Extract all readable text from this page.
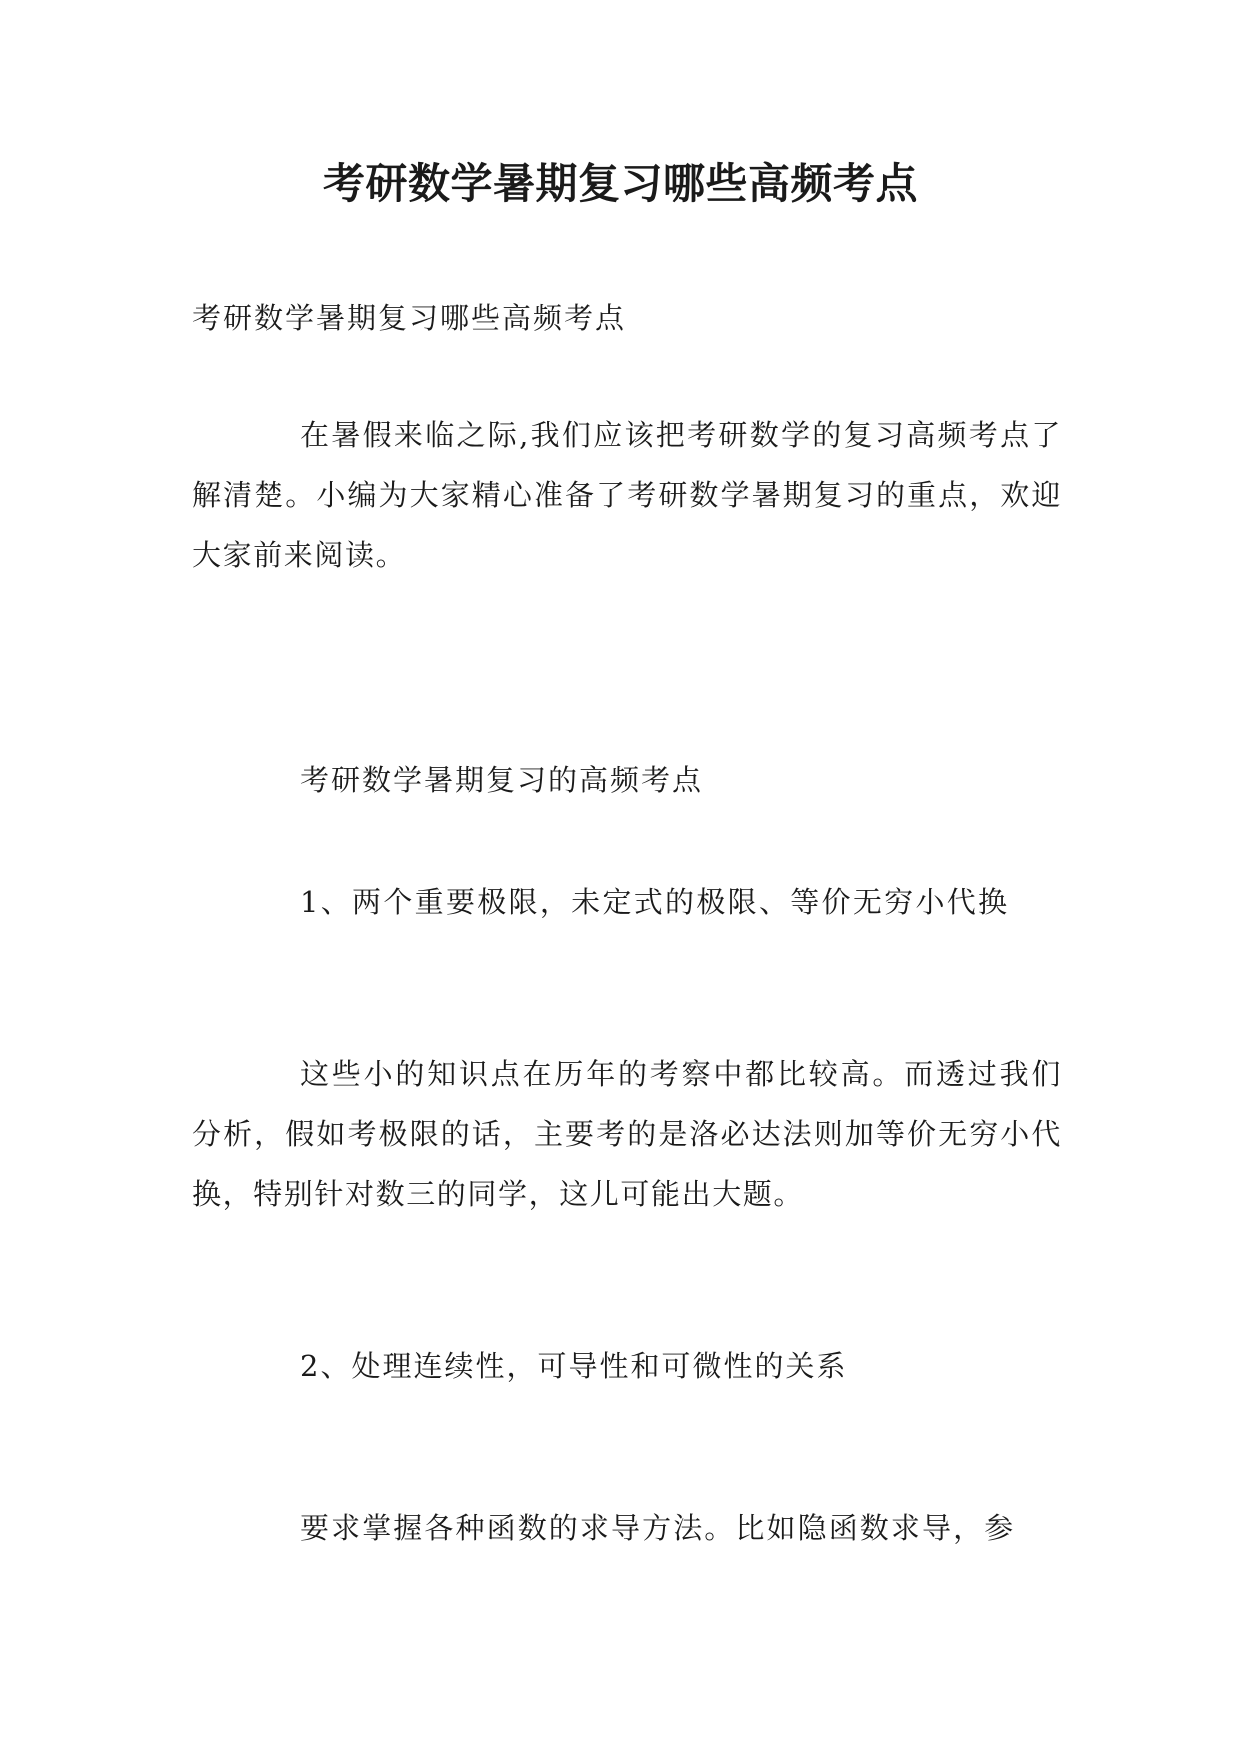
考研数学暑期复习哪些高频考点
考研数学暑期复习哪些高频考点
在暑假来临之际,我们应该把考研数学的复习高频考点了解清楚。小编为大家精心准备了考研数学暑期复习的重点，欢迎大家前来阅读。
考研数学暑期复习的高频考点
1、两个重要极限，未定式的极限、等价无穷小代换
这些小的知识点在历年的考察中都比较高。而透过我们分析，假如考极限的话，主要考的是洛必达法则加等价无穷小代换，特别针对数三的同学，这儿可能出大题。
2、处理连续性，可导性和可微性的关系
要求掌握各种函数的求导方法。比如隐函数求导，参
